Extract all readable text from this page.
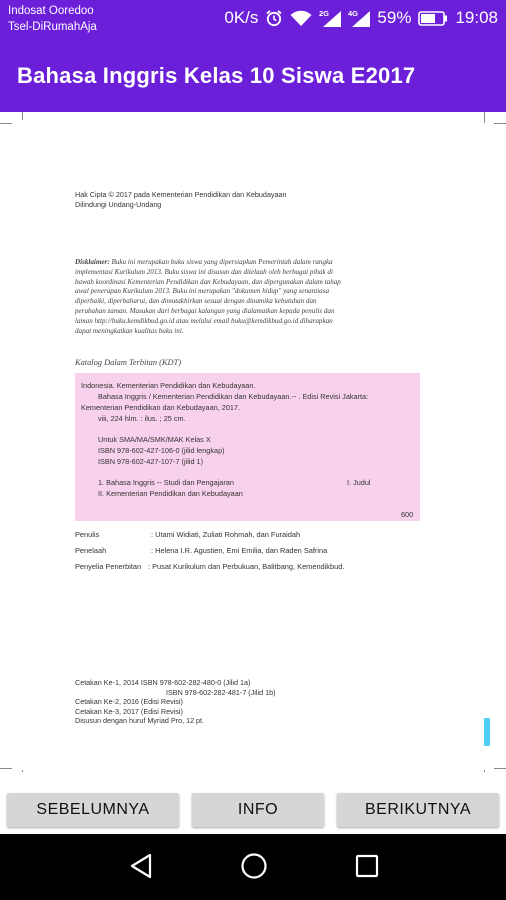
Indosat Ooredoo
Tsel-DiRumahAja	0K/s	2G	4G 59%	19:08
Bahasa Inggris Kelas 10 Siswa E2017
Hak Cipta © 2017 pada Kementerian Pendidikan dan Kebudayaan
Dilindungi Undang-Undang
Disklaimer: Buku ini merupakan buku siswa yang dipersiapkan Pemerintah dalam rangka
implementasi Kurikulum 2013. Buku siswa ini disusun dan ditelaah oleh berbagai pihak di
bawah koordinasi Kementerian Pendidikan dan Kebudayaan, dan dipergunakan dalam tahap
awal penerapan Kurikulum 2013. Buku ini merupakan "dokumen hidup" yang senantiasa
diperbaiki, diperbaharui, dan dimutakhirkan sesuai dengan dinamika kebutuhan dan
perubahan zaman. Masukan dari berbagai kalangan yang dialamatkan kepada penulis dan
laman http://buku.kemdikbud.go.id atau melalui email buku@kemdikbud.go.id diharapkan
dapat meningkatkan kualitas buku ini.
Katalog Dalam Terbitan (KDT)
Indonesia. Kementerian Pendidikan dan Kebudayaan.
Bahasa Inggris / Kementerian Pendidikan dan Kebudayaan.-- . Edisi Revisi Jakarta:
Kementerian Pendidikan dan Kebudayaan, 2017.
viii, 224 hlm. : ilus. ; 25 cm.
Untuk SMA/MA/SMK/MAK Kelas X
ISBN 978-602-427-106-0 (jilid lengkap)
ISBN 978-602-427-107-7 (jilid 1)
1. Bahasa Inggris -- Studi dan Pengajaran	I. Judul
II. Kementerian Pendidikan dan Kebudayaan
600
Penulis	: Utami Widiati, Zuliati Rohmah, dan Furaidah
Penelaah	: Helena I.R. Agustien, Emi Emilia, dan Raden Safrina
Penyelia Penerbitan : Pusat Kurikulum dan Perbukuan, Balitbang, Kemendikbud.
Cetakan Ke-1, 2014 ISBN 978-602-282-480-0 (Jilid 1a)
ISBN 978-602-282-481-7 (Jilid 1b)
Cetakan Ke-2, 2016 (Edisi Revisi)
Cetakan Ke-3, 2017 (Edisi Revisi)
Disusun dengan huruf Myriad Pro, 12 pt.
SEBELUMNYA	INFO	BERIKUTNYA
